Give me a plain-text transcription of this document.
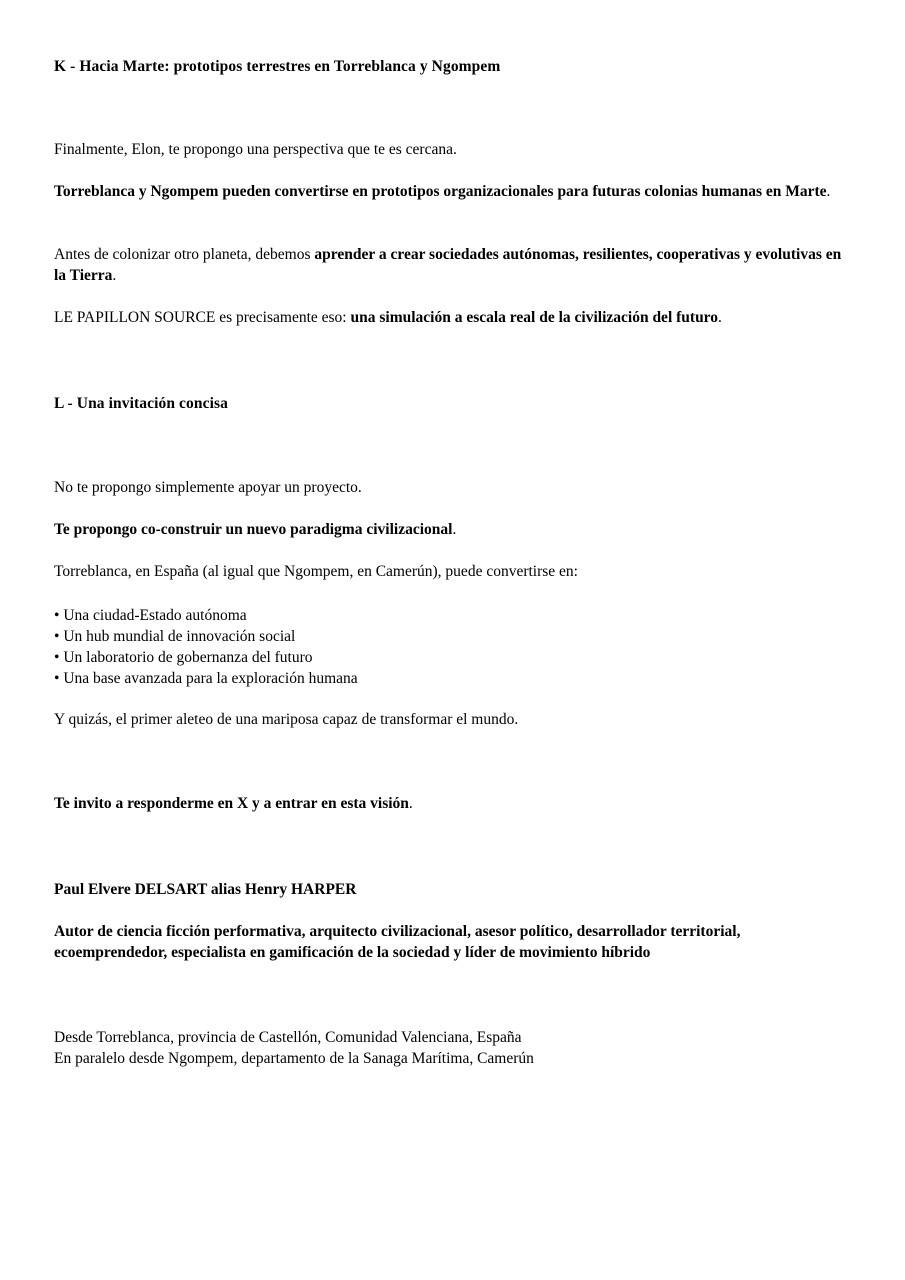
K - Hacia Marte: prototipos terrestres en Torreblanca y Ngompem

Finalmente, Elon, te propongo una perspectiva que te es cercana.

Torreblanca y Ngompem pueden convertirse en prototipos organizacionales para futuras colonias humanas en Marte.

Antes de colonizar otro planeta, debemos aprender a crear sociedades autónomas, resilientes, cooperativas y evolutivas en la Tierra.

LE PAPILLON SOURCE es precisamente eso: una simulación a escala real de la civilización del futuro.

L - Una invitación concisa

No te propongo simplemente apoyar un proyecto.

Te propongo co-construir un nuevo paradigma civilizacional.

Torreblanca, en España (al igual que Ngompem, en Camerún), puede convertirse en:

• Una ciudad-Estado autónoma
• Un hub mundial de innovación social
• Un laboratorio de gobernanza del futuro
• Una base avanzada para la exploración humana

Y quizás, el primer aleteo de una mariposa capaz de transformar el mundo.

Te invito a responderme en X y a entrar en esta visión.

Paul Elvere DELSART alias Henry HARPER

Autor de ciencia ficción performativa, arquitecto civilizacional, asesor político, desarrollador territorial, ecoemprendedor, especialista en gamificación de la sociedad y líder de movimiento híbrido

Desde Torreblanca, provincia de Castellón, Comunidad Valenciana, España

En paralelo desde Ngompem, departamento de la Sanaga Marítima, Camerún
